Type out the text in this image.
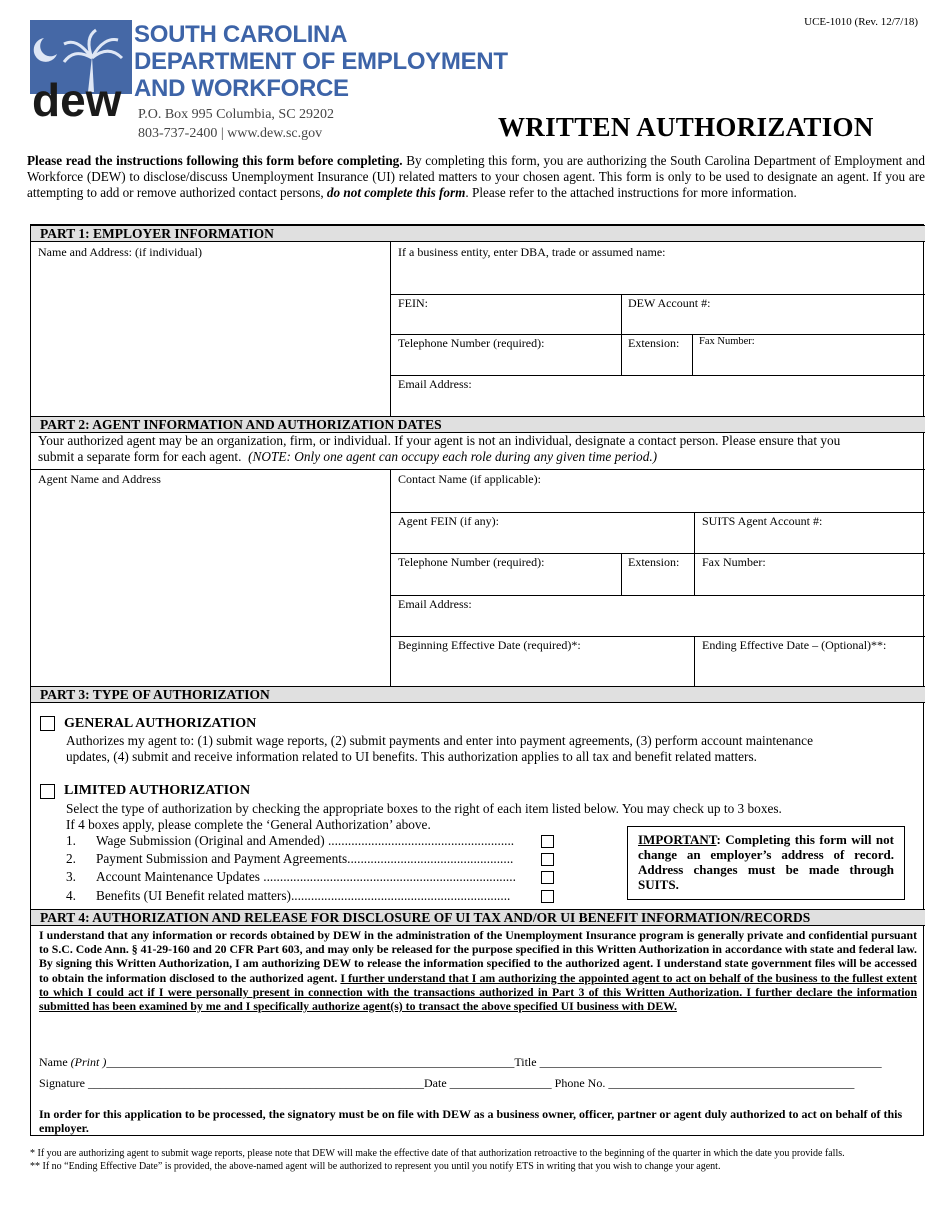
dew
SOUTH CAROLINA
DEPARTMENT OF EMPLOYMENT
AND WORKFORCE
P.O. Box 995 Columbia, SC 29202
803-737-2400 | www.dew.sc.gov
UCE-1010 (Rev. 12/7/18)
WRITTEN AUTHORIZATION
Please read the instructions following this form before completing. By completing this form, you are authorizing the South Carolina Department of Employment and Workforce (DEW) to disclose/discuss Unemployment Insurance (UI) related matters to your chosen agent. This form is only to be used to designate an agent. If you are attempting to add or remove authorized contact persons, do not complete this form. Please refer to the attached instructions for more information.
PART 1: EMPLOYER INFORMATION
Name and Address: (if individual)	If a business entity, enter DBA, trade or assumed name:
FEIN:	DEW Account #:
Telephone Number (required):	Extension: Fax Number:
Email Address:
PART 2: AGENT INFORMATION AND AUTHORIZATION DATES
Your authorized agent may be an organization, firm, or individual. If your agent is not an individual, designate a contact person. Please ensure that you
submit a separate form for each agent. (NOTE: Only one agent can occupy each role during any given time period.)
Agent Name and Address	Contact Name (if applicable):
Agent FEIN (if any):	SUITS Agent Account #:
Telephone Number (required):	Extension: Fax Number:
Email Address:
Beginning Effective Date (required)*:	Ending Effective Date – (Optional)**:
PART 3: TYPE OF AUTHORIZATION
GENERAL AUTHORIZATION
Authorizes my agent to: (1) submit wage reports, (2) submit payments and enter into payment agreements, (3) perform account maintenance
updates, (4) submit and receive information related to UI benefits. This authorization applies to all tax and benefit related matters.
LIMITED AUTHORIZATION
Select the type of authorization by checking the appropriate boxes to the right of each item listed below. You may check up to 3 boxes.
If 4 boxes apply, please complete the ‘General Authorization’ above.
1. Wage Submission (Original and Amended) ........................................................
2. Payment Submission and Payment Agreements..................................................
3. Account Maintenance Updates ............................................................................
4. Benefits (UI Benefit related matters)..................................................................
IMPORTANT: Completing this form will not change an employer’s address of record. Address changes must be made through SUITS.
PART 4: AUTHORIZATION AND RELEASE FOR DISCLOSURE OF UI TAX AND/OR UI BENEFIT INFORMATION/RECORDS
I understand that any information or records obtained by DEW in the administration of the Unemployment Insurance program is generally private and confidential pursuant to S.C. Code Ann. § 41-29-160 and 20 CFR Part 603, and may only be released for the purpose specified in this Written Authorization in accordance with state and federal law. By signing this Written Authorization, I am authorizing DEW to release the information specified to the authorized agent. I understand state government files will be accessed to obtain the information disclosed to the authorized agent. I further understand that I am authorizing the appointed agent to act on behalf of the business to the fullest extent to which I could act if I were personally present in connection with the transactions authorized in Part 3 of this Written Authorization. I further declare the information submitted has been examined by me and I specifically authorize agent(s) to transact the above specified UI business with DEW.
Name (Print )____________________________________________________________________Title _________________________________________________________
Signature ________________________________________________________Date _________________ Phone No. _________________________________________
In order for this application to be processed, the signatory must be on file with DEW as a business owner, officer, partner or agent duly authorized to act on behalf of this employer.
* If you are authorizing agent to submit wage reports, please note that DEW will make the effective date of that authorization retroactive to the beginning of the quarter in which the date you provide falls.
** If no “Ending Effective Date” is provided, the above-named agent will be authorized to represent you until you notify ETS in writing that you wish to change your agent.
